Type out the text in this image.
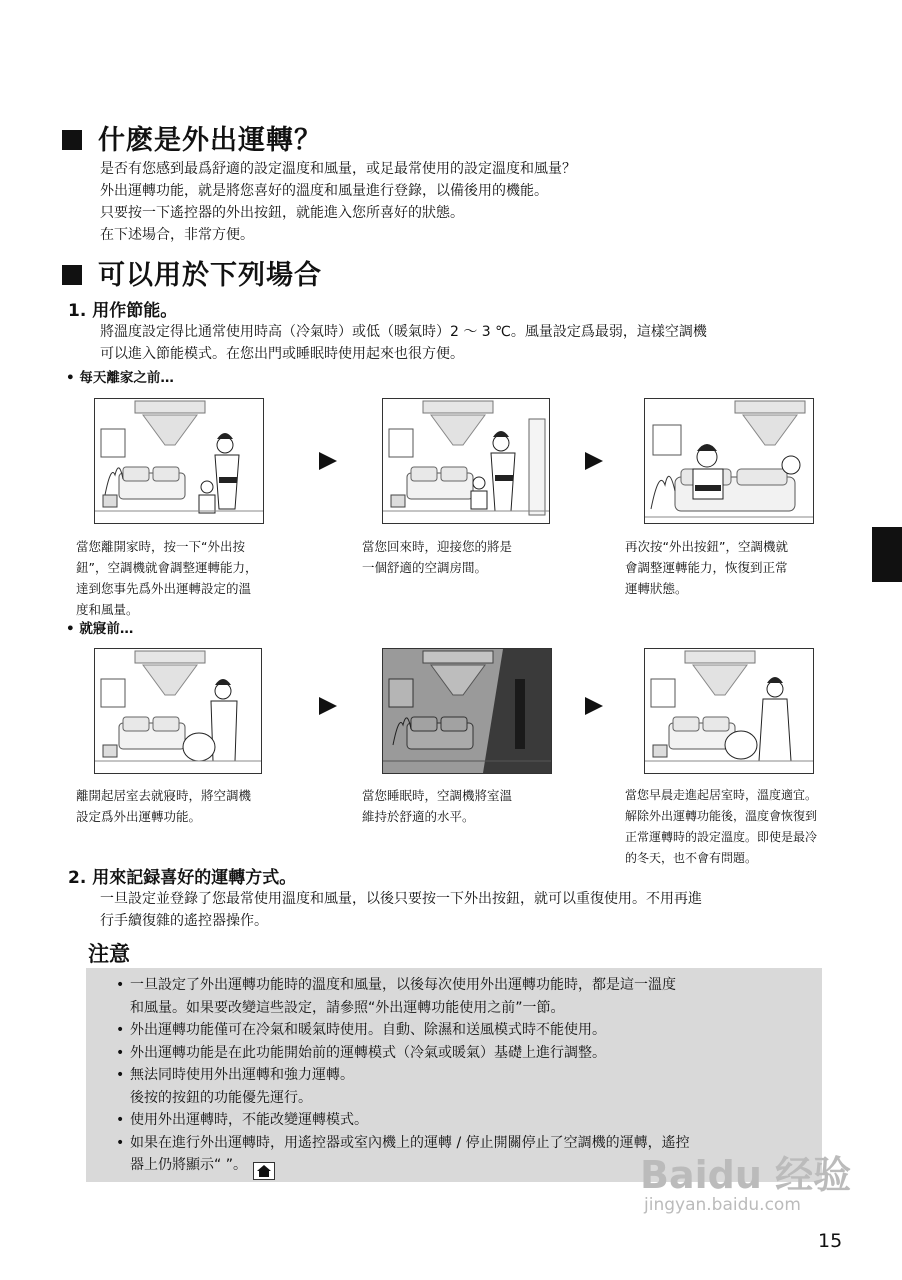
什麽是外出運轉？
是否有您感到最爲舒適的設定溫度和風量，或足最常使用的設定溫度和風量？
外出運轉功能，就是將您喜好的溫度和風量進行登錄，以備後用的機能。
只要按一下遙控器的外出按鈕，就能進入您所喜好的狀態。
在下述場合，非常方便。
可以用於下列場合
1. 用作節能。
將溫度設定得比通常使用時高（冷氣時）或低（暖氣時）2 ～ 3 ℃。風量設定爲最弱，這樣空調機
可以進入節能模式。在您出門或睡眠時使用起來也很方便。
• 每天離家之前…
當您離開家時，按一下“外出按
鈕”，空調機就會調整運轉能力，
達到您事先爲外出運轉設定的溫
度和風量。
當您回來時，迎接您的將是
一個舒適的空調房間。
再次按“外出按鈕”，空調機就
會調整運轉能力，恢復到正常
運轉狀態。
• 就寢前…
離開起居室去就寢時，將空調機
設定爲外出運轉功能。
當您睡眠時，空調機將室溫
維持於舒適的水平。
當您早晨走進起居室時，溫度適宜。
解除外出運轉功能後，溫度會恢復到
正常運轉時的設定溫度。即使是最冷
的冬天，也不會有問題。
2. 用來記録喜好的運轉方式。
一旦設定並登錄了您最常使用溫度和風量，以後只要按一下外出按鈕，就可以重復使用。不用再進
行手續復雜的遙控器操作。
注意
• 一旦設定了外出運轉功能時的溫度和風量，以後每次使用外出運轉功能時，都是這一溫度
和風量。如果要改變這些設定，請參照“外出運轉功能使用之前”一節。
• 外出運轉功能僅可在冷氣和暖氣時使用。自動、除濕和送風模式時不能使用。
• 外出運轉功能是在此功能開始前的運轉模式（冷氣或暖氣）基礎上進行調整。
• 無法同時使用外出運轉和強力運轉。
後按的按鈕的功能優先運行。
• 使用外出運轉時，不能改變運轉模式。
• 如果在進行外出運轉時，用遙控器或室內機上的運轉 / 停止開關停止了空調機的運轉，遙控
器上仍將顯示“ ”。	Baidu 经验
jingyan.baidu.com
15
